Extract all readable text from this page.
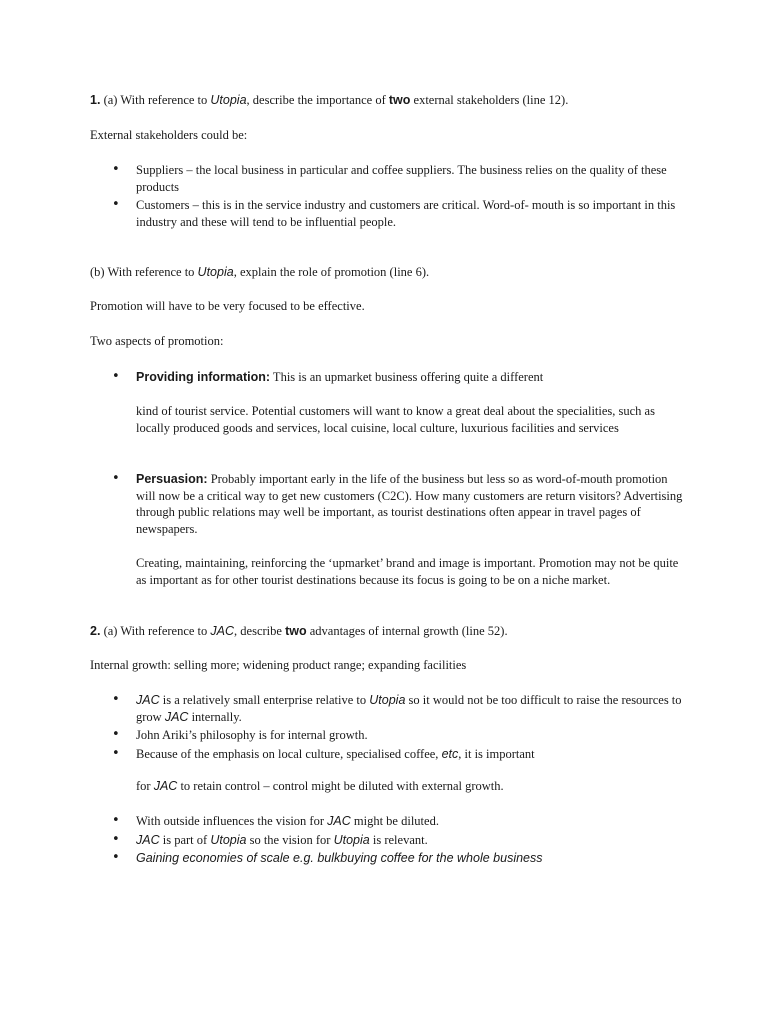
1. (a) With reference to Utopia, describe the importance of two external stakeholders (line 12).

External stakeholders could be:

• Suppliers – the local business in particular and coffee suppliers. The business relies on the quality of these products
• Customers – this is in the service industry and customers are critical. Word-of- mouth is so important in this industry and these will tend to be influential people.

(b) With reference to Utopia, explain the role of promotion (line 6).

Promotion will have to be very focused to be effective.

Two aspects of promotion:

• Providing information: This is an upmarket business offering quite a different

kind of tourist service. Potential customers will want to know a great deal about the specialities, such as locally produced goods and services, local cuisine, local culture, luxurious facilities and services

• Persuasion: Probably important early in the life of the business but less so as word-of-mouth promotion will now be a critical way to get new customers (C2C). How many customers are return visitors? Advertising through public relations may well be important, as tourist destinations often appear in travel pages of newspapers.

Creating, maintaining, reinforcing the ‘upmarket’ brand and image is important. Promotion may not be quite as important as for other tourist destinations because its focus is going to be on a niche market.

2. (a) With reference to JAC, describe two advantages of internal growth (line 52).

Internal growth: selling more; widening product range; expanding facilities

• JAC is a relatively small enterprise relative to Utopia so it would not be too difficult to raise the resources to grow JAC internally.
• John Ariki’s philosophy is for internal growth.
• Because of the emphasis on local culture, specialised coffee, etc, it is important

for JAC to retain control – control might be diluted with external growth.

• With outside influences the vision for JAC might be diluted.
• JAC is part of Utopia so the vision for Utopia is relevant.
• Gaining economies of scale e.g. bulkbuying coffee for the whole business
